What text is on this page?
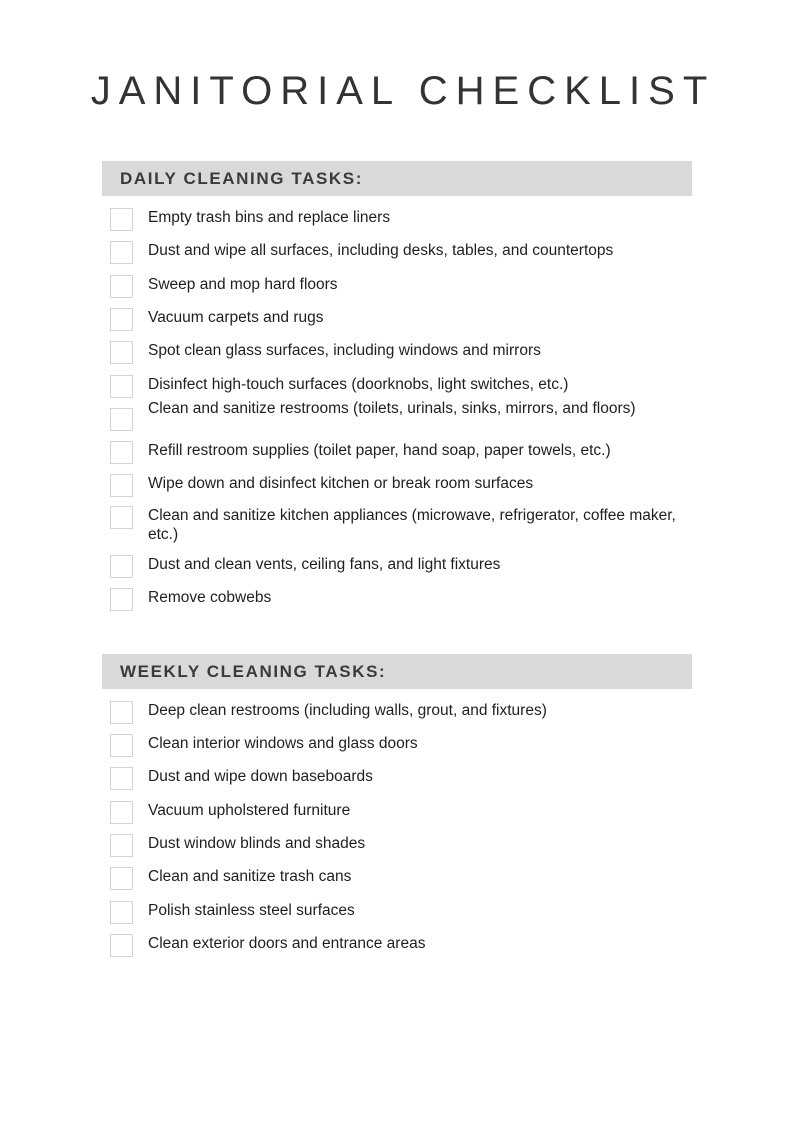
JANITORIAL CHECKLIST
DAILY CLEANING TASKS:
Empty trash bins and replace liners
Dust and wipe all surfaces, including desks, tables, and countertops
Sweep and mop hard floors
Vacuum carpets and rugs
Spot clean glass surfaces, including windows and mirrors
Disinfect high-touch surfaces (doorknobs, light switches, etc.)
Clean and sanitize restrooms (toilets, urinals, sinks, mirrors, and floors)
Refill restroom supplies (toilet paper, hand soap, paper towels, etc.)
Wipe down and disinfect kitchen or break room surfaces
Clean and sanitize kitchen appliances (microwave, refrigerator, coffee maker, etc.)
Dust and clean vents, ceiling fans, and light fixtures
Remove cobwebs
WEEKLY CLEANING TASKS:
Deep clean restrooms (including walls, grout, and fixtures)
Clean interior windows and glass doors
Dust and wipe down baseboards
Vacuum upholstered furniture
Dust window blinds and shades
Clean and sanitize trash cans
Polish stainless steel surfaces
Clean exterior doors and entrance areas
